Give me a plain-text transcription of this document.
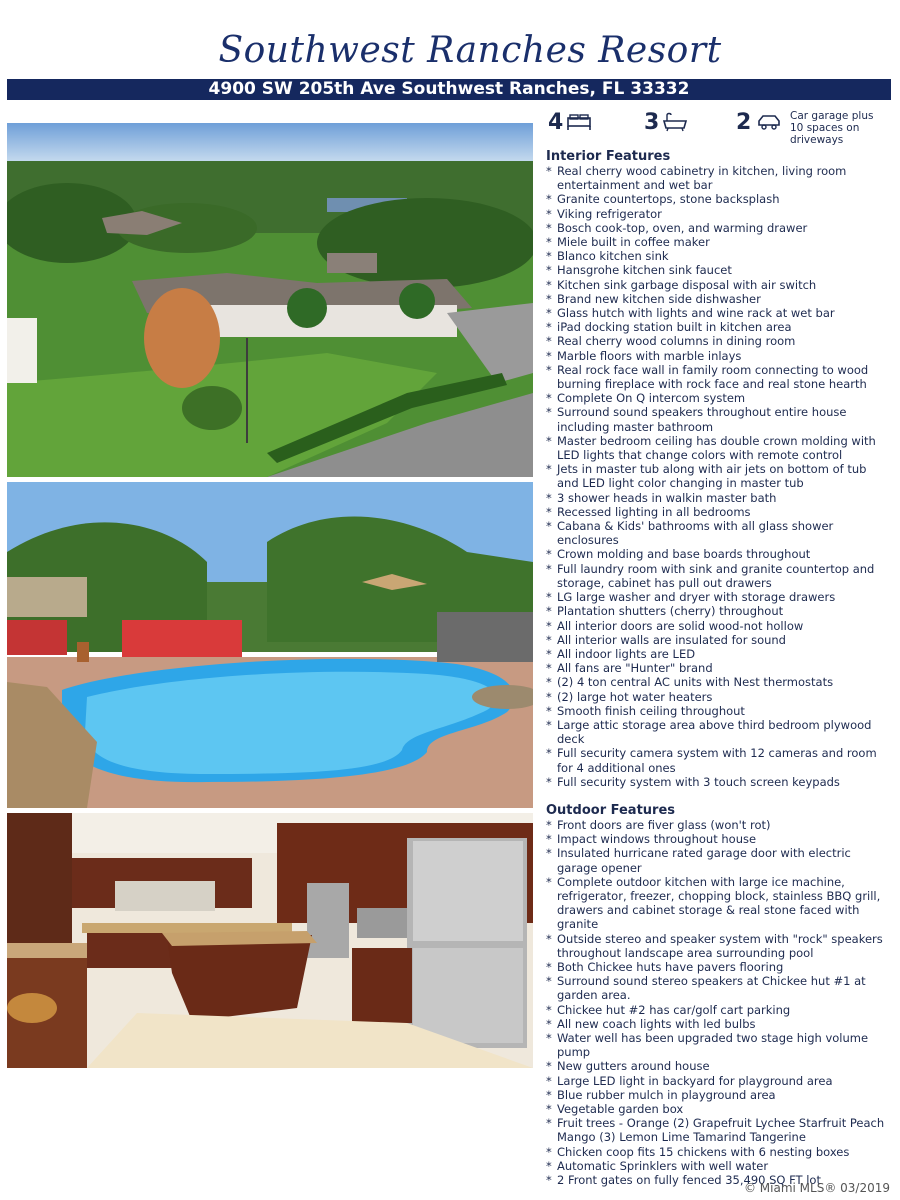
Southwest Ranches Resort
4900 SW 205th Ave Southwest Ranches, FL 33332
4	3	2	Car garage plus 10 spaces on driveways
Interior Features
* Real cherry wood cabinetry in kitchen, living room entertainment and wet bar
* Granite countertops, stone backsplash
* Viking refrigerator
* Bosch cook-top, oven, and warming drawer
* Miele built in coffee maker
* Blanco kitchen sink
* Hansgrohe kitchen sink faucet
* Kitchen sink garbage disposal with air switch
* Brand new kitchen side dishwasher
* Glass hutch with lights and wine rack at wet bar
* iPad docking station built in kitchen area
* Real cherry wood columns in dining room
* Marble floors with marble inlays
* Real rock face wall in family room connecting to wood burning fireplace with rock face and real stone hearth
* Complete On Q intercom system
* Surround sound speakers throughout entire house including master bathroom
* Master bedroom ceiling has double crown molding with LED lights that change colors with remote control
* Jets in master tub along with air jets on bottom of tub and LED light color changing in master tub
* 3 shower heads in walkin master bath
* Recessed lighting in all bedrooms
* Cabana & Kids' bathrooms with all glass shower enclosures
* Crown molding and base boards throughout
* Full laundry room with sink and granite countertop and storage, cabinet has pull out drawers
* LG large washer and dryer with storage drawers
* Plantation shutters (cherry) throughout
* All interior doors are solid wood-not hollow
* All interior walls are insulated for sound
* All indoor lights are LED
* All fans are "Hunter" brand
* (2) 4 ton central AC units with Nest thermostats
* (2) large hot water heaters
* Smooth finish ceiling throughout
* Large attic storage area above third bedroom plywood deck
* Full security camera system with 12 cameras and room for 4 additional ones
* Full security system with 3 touch screen keypads
Outdoor Features
* Front doors are fiver glass (won't rot)
* Impact windows throughout house
* Insulated hurricane rated garage door with electric garage opener
* Complete outdoor kitchen with large ice machine, refrigerator, freezer, chopping block, stainless BBQ grill, drawers and cabinet storage & real stone faced with granite
* Outside stereo and speaker system with "rock" speakers throughout landscape area surrounding pool
* Both Chickee huts have pavers flooring
* Surround sound stereo speakers at Chickee hut #1 at garden area.
* Chickee hut #2 has car/golf cart parking
* All new coach lights with led bulbs
* Water well has been upgraded two stage high volume pump
* New gutters around house
* Large LED light in backyard for playground area
* Blue rubber mulch in playground area
* Vegetable garden box
* Fruit trees - Orange (2) Grapefruit Lychee Starfruit Peach Mango (3) Lemon Lime Tamarind Tangerine
* Chicken coop fits 15 chickens with 6 nesting boxes
* Automatic Sprinklers with well water
* 2 Front gates on fully fenced 35,490 SQ FT lot
© Miami MLS® 03/2019
